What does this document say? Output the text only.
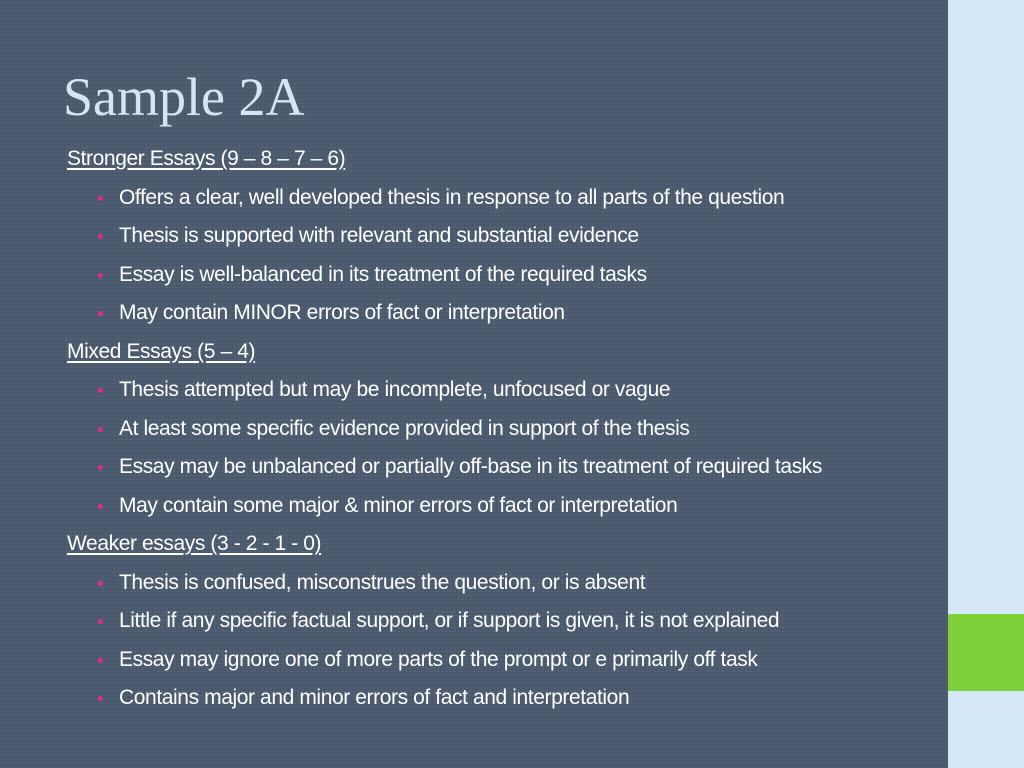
Sample 2A
Stronger Essays (9 – 8 – 7 – 6)
Offers a clear, well developed thesis in response to all parts of the question
Thesis is supported with relevant and substantial evidence
Essay is well-balanced in its treatment of the required tasks
May contain MINOR errors of fact or interpretation
Mixed Essays (5 – 4)
Thesis attempted but may be incomplete, unfocused or vague
At least some specific evidence provided in support of the thesis
Essay may be unbalanced or partially off-base in its treatment of required tasks
May contain some major & minor errors of fact or interpretation
Weaker essays (3 - 2 - 1 - 0)
Thesis is confused, misconstrues the question, or is absent
Little if any specific factual support, or if support is given, it is not explained
Essay may ignore one of more parts of the prompt or e primarily off task
Contains major and minor errors of fact and interpretation
